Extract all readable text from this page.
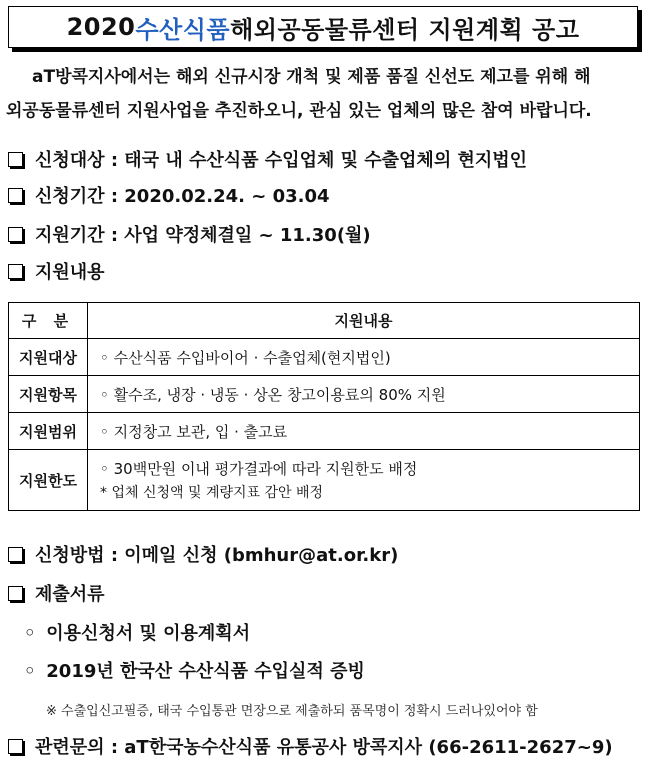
2020 수산식품 해외공동물류센터 지원계획 공고
aT방콕지사에서는 해외 신규시장 개척 및 제품 품질 신선도 제고를 위해 해
외공동물류센터 지원사업을 추진하오니, 관심 있는 업체의 많은 참여 바랍니다.
신청대상 : 태국 내 수산식품 수입업체 및 수출업체의 현지법인
신청기간 : 2020.02.24. ~ 03.04
지원기간 : 사업 약정체결일 ~ 11.30(월)
지원내용
구 분	지원내용
지원대상	◦ 수산식품 수입바이어 · 수출업체(현지법인)
지원항목	◦ 활수조, 냉장 · 냉동 · 상온 창고이용료의 80% 지원
지원범위	◦ 지정창고 보관, 입 · 출고료
지원한도	◦ 30백만원 이내 평가결과에 따라 지원한도 배정
* 업체 신청액 및 계량지표 감안 배정
신청방법 : 이메일 신청 (bmhur@at.or.kr)
제출서류
◦ 이용신청서 및 이용계획서
◦ 2019년 한국산 수산식품 수입실적 증빙
※ 수출입신고필증, 태국 수입통관 면장으로 제출하되 품목명이 정확시 드러나있어야 함
관련문의 : aT한국농수산식품 유통공사 방콕지사 (66-2611-2627~9)
